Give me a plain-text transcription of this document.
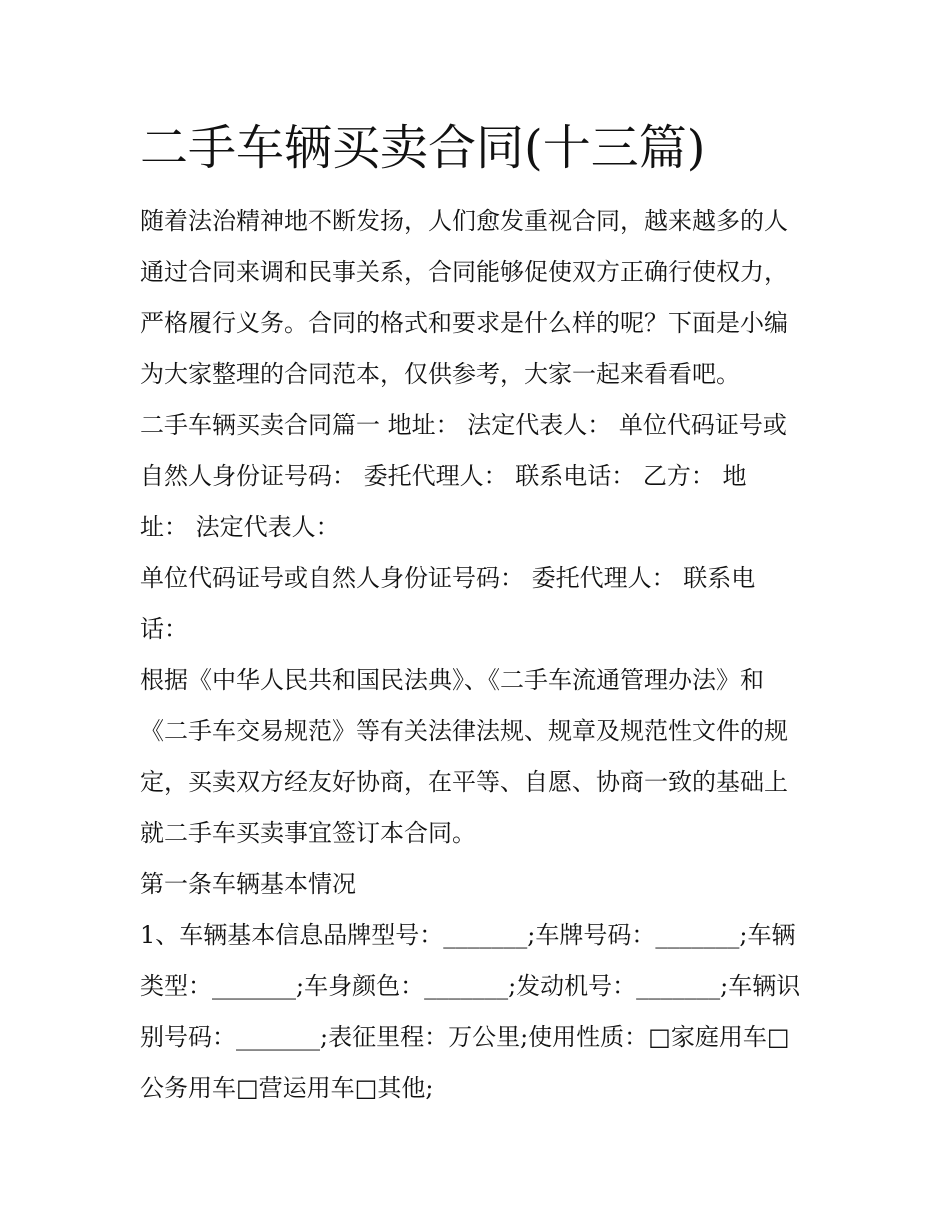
二手车辆买卖合同(十三篇)

随着法治精神地不断发扬，人们愈发重视合同，越来越多的人

通过合同来调和民事关系，合同能够促使双方正确行使权力，

严格履行义务。合同的格式和要求是什么样的呢？下面是小编

为大家整理的合同范本，仅供参考，大家一起来看看吧。

二手车辆买卖合同篇一 地址： 法定代表人： 单位代码证号或

自然人身份证号码： 委托代理人： 联系电话： 乙方： 地

址： 法定代表人：

单位代码证号或自然人身份证号码： 委托代理人： 联系电

话：

根据《中华人民共和国民法典》、《二手车流通管理办法》和

《二手车交易规范》等有关法律法规、规章及规范性文件的规

定，买卖双方经友好协商，在平等、自愿、协商一致的基础上

就二手车买卖事宜签订本合同。

第一条车辆基本情况

1、车辆基本信息品牌型号：_______;车牌号码：_______;车辆

类型：_______;车身颜色：_______;发动机号：_______;车辆识

别号码：_______;表征里程：万公里;使用性质：□家庭用车□

公务用车□营运用车□其他;
